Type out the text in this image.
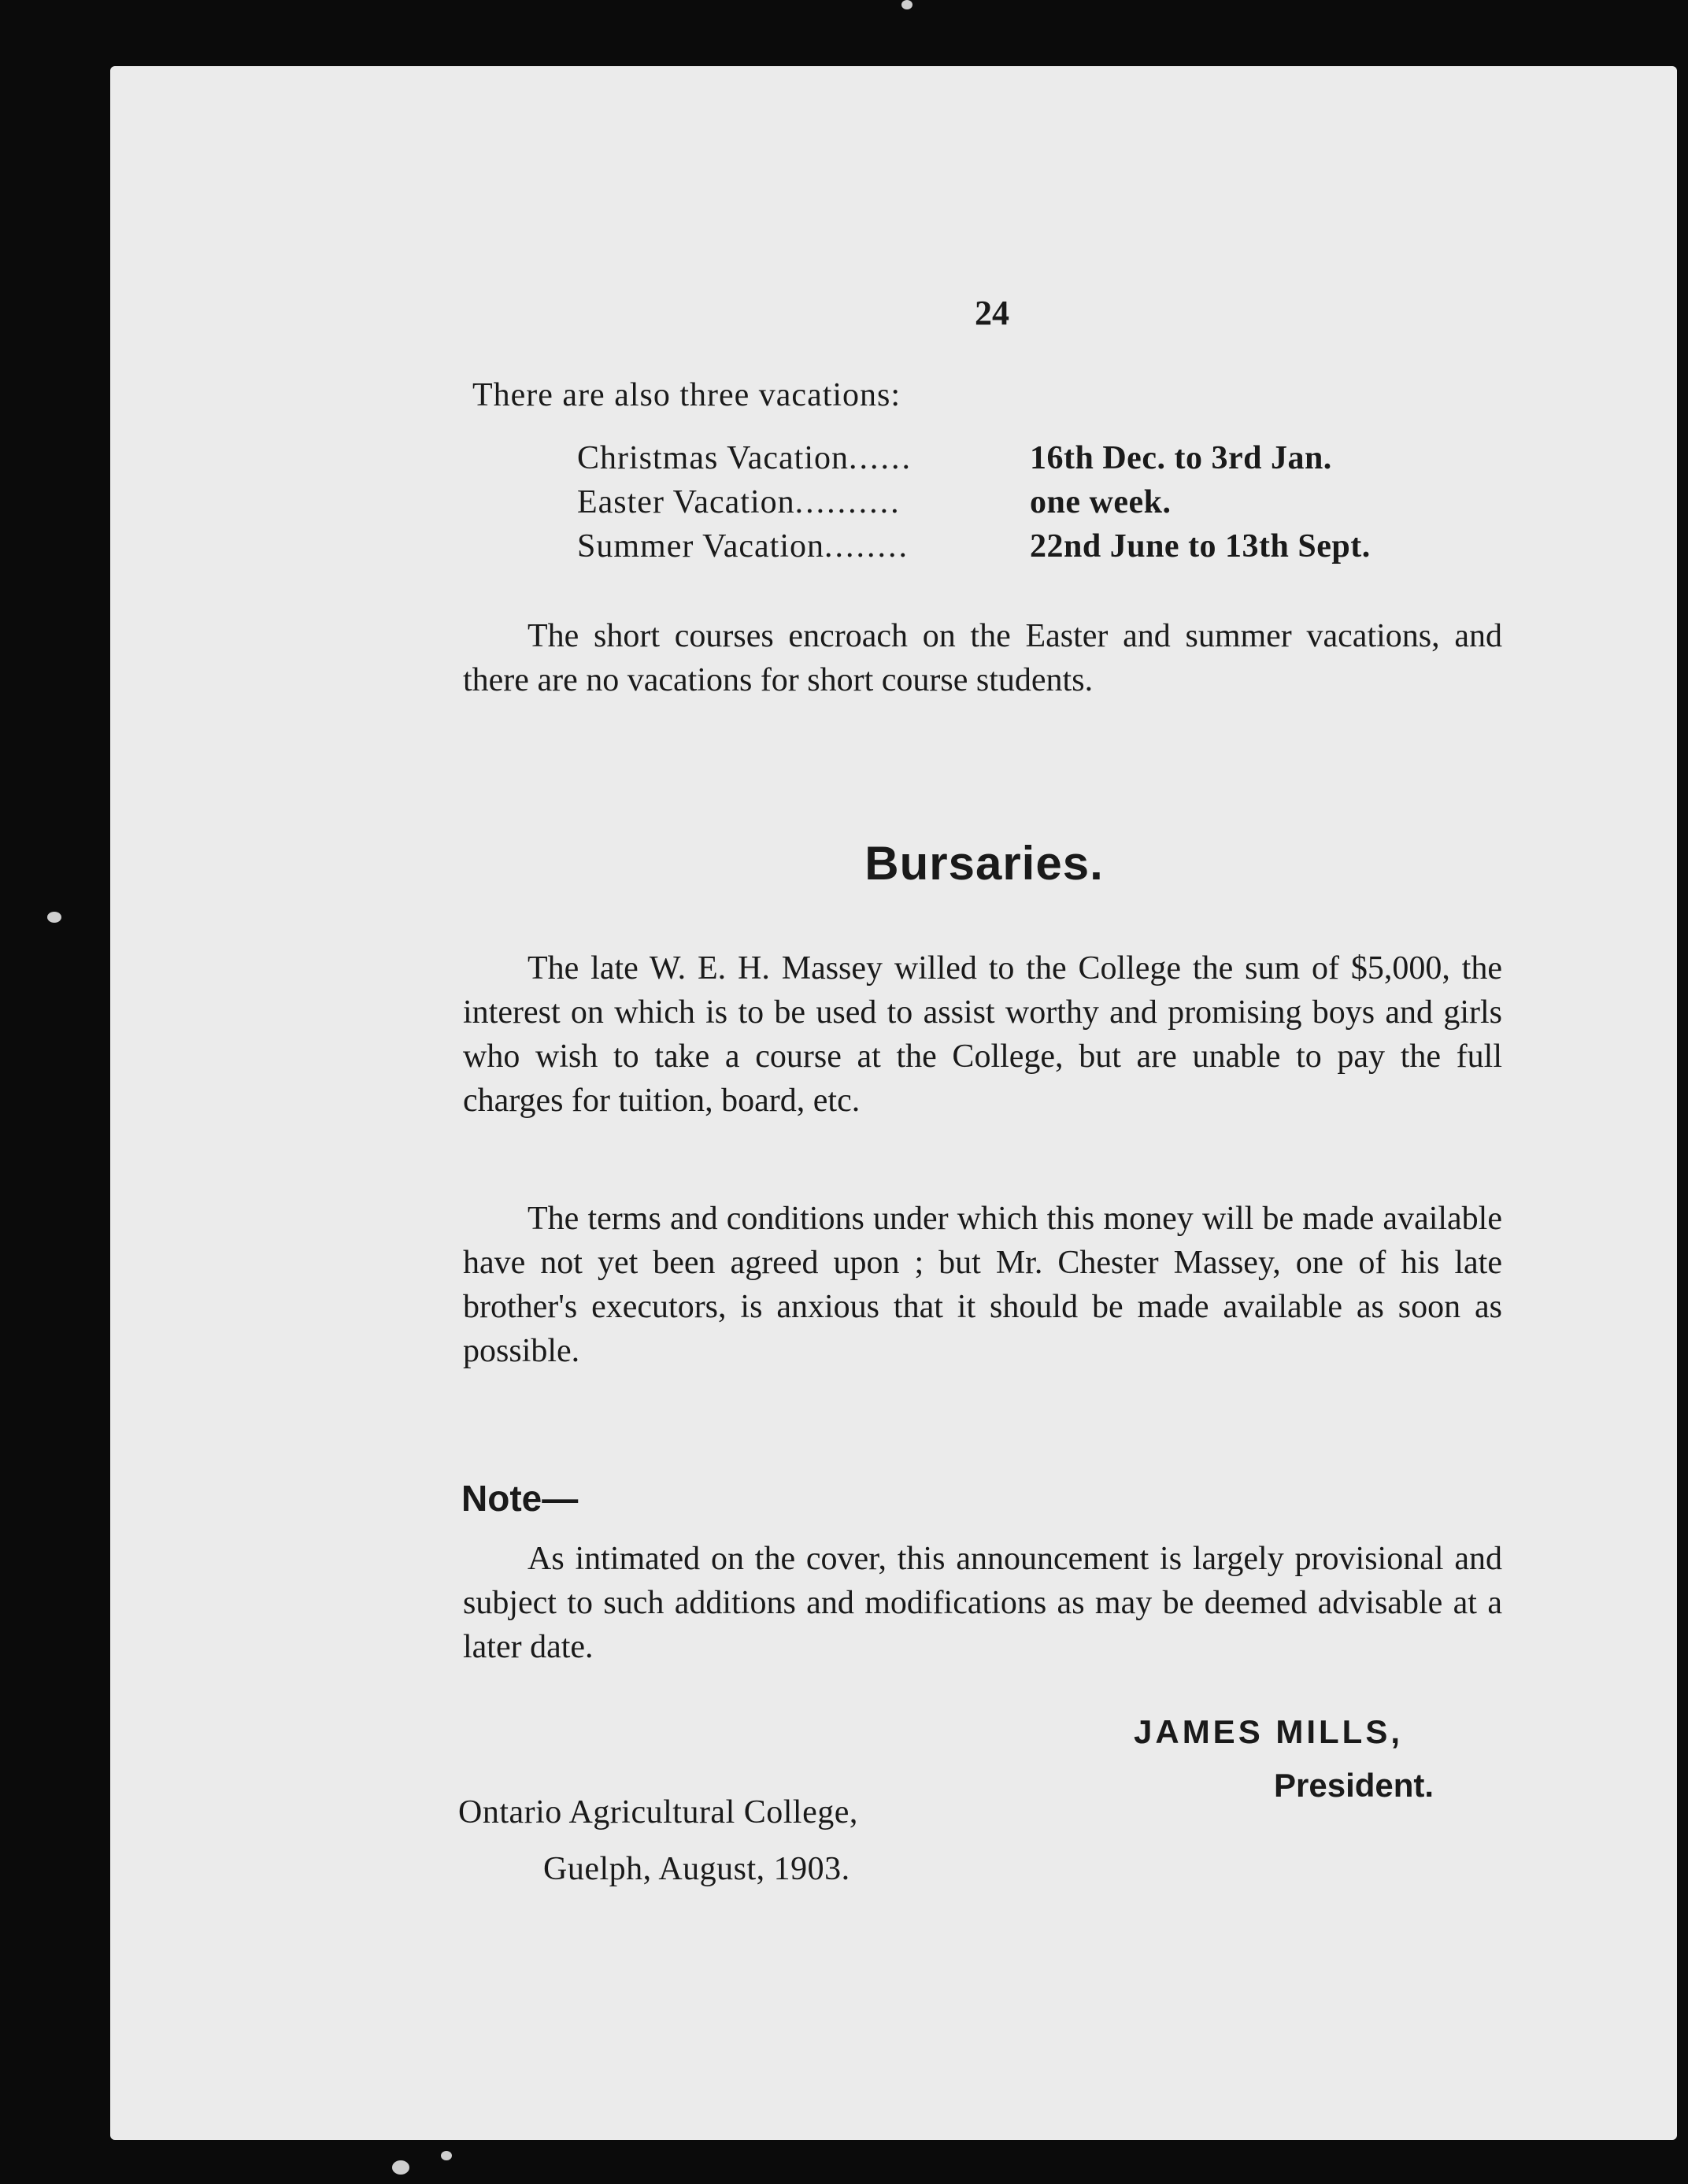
24
There are also three vacations:
Christmas Vacation......	16th Dec. to 3rd Jan.
Easter Vacation..........	one week.
Summer Vacation........	22nd June to 13th Sept.

The short courses encroach on the Easter and summer vacations, and there are no vacations for short course students.

Bursaries.

The late W. E. H. Massey willed to the College the sum of $5,000, the interest on which is to be used to assist worthy and promising boys and girls who wish to take a course at the College, but are unable to pay the full charges for tuition, board, etc.

The terms and conditions under which this money will be made available have not yet been agreed upon ; but Mr. Chester Massey, one of his late brother's executors, is anxious that it should be made available as soon as possible.

Note—

As intimated on the cover, this announcement is largely provisional and subject to such additions and modifications as may be deemed advisable at a later date.

JAMES MILLS,
President.
Ontario Agricultural College,
Guelph, August, 1903.
